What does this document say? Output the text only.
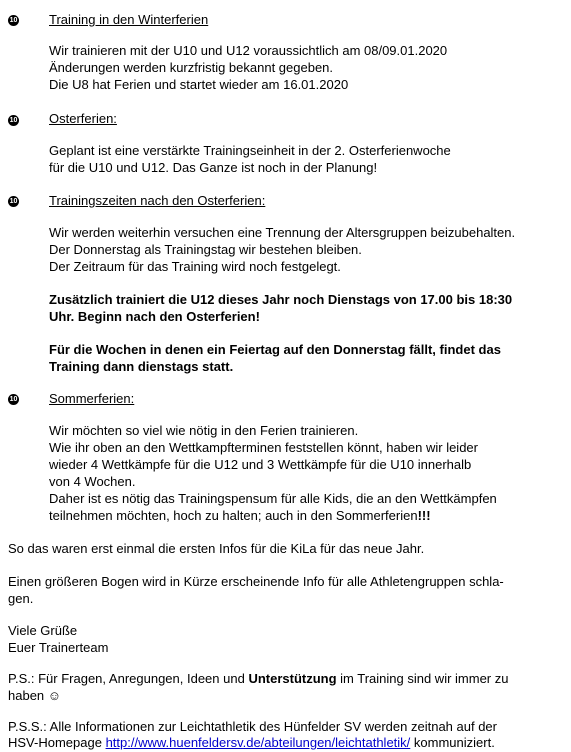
10 Training in den Winterferien
Wir trainieren mit der U10 und U12 voraussichtlich am 08/09.01.2020
Änderungen werden kurzfristig bekannt gegeben.
Die U8 hat Ferien und startet wieder am 16.01.2020
10 Osterferien:
Geplant ist eine verstärkte Trainingseinheit in der 2. Osterferienwoche
für die U10 und U12. Das Ganze ist noch in der Planung!
10 Trainingszeiten nach den Osterferien:
Wir werden weiterhin versuchen eine Trennung der Altersgruppen beizubehalten.
Der Donnerstag als Trainingstag wir bestehen bleiben.
Der Zeitraum für das Training wird noch festgelegt.
Zusätzlich trainiert die U12 dieses Jahr noch Dienstags von 17.00 bis 18:30
Uhr. Beginn nach den Osterferien!
Für die Wochen in denen ein Feiertag auf den Donnerstag fällt, findet das
Training dann dienstags statt.
10 Sommerferien:
Wir möchten so viel wie nötig in den Ferien trainieren.
Wie ihr oben an den Wettkampfterminen feststellen könnt, haben wir leider
wieder 4 Wettkämpfe für die U12 und 3 Wettkämpfe für die U10 innerhalb
von 4 Wochen.
Daher ist es nötig das Trainingspensum für alle Kids, die an den Wettkämpfen
teilnehmen möchten, hoch zu halten; auch in den Sommerferien!!!
So das waren erst einmal die ersten Infos für die KiLa für das neue Jahr.
Einen größeren Bogen wird in Kürze erscheinende Info für alle Athletengruppen schla-
gen.
Viele Grüße
Euer Trainerteam
P.S.: Für Fragen, Anregungen, Ideen und Unterstützung im Training sind wir immer zu
haben ☺
P.S.S.: Alle Informationen zur Leichtathletik des Hünfelder SV werden zeitnah auf der
HSV-Homepage http://www.huenfeldersv.de/abteilungen/leichtathletik/ kommuniziert.
